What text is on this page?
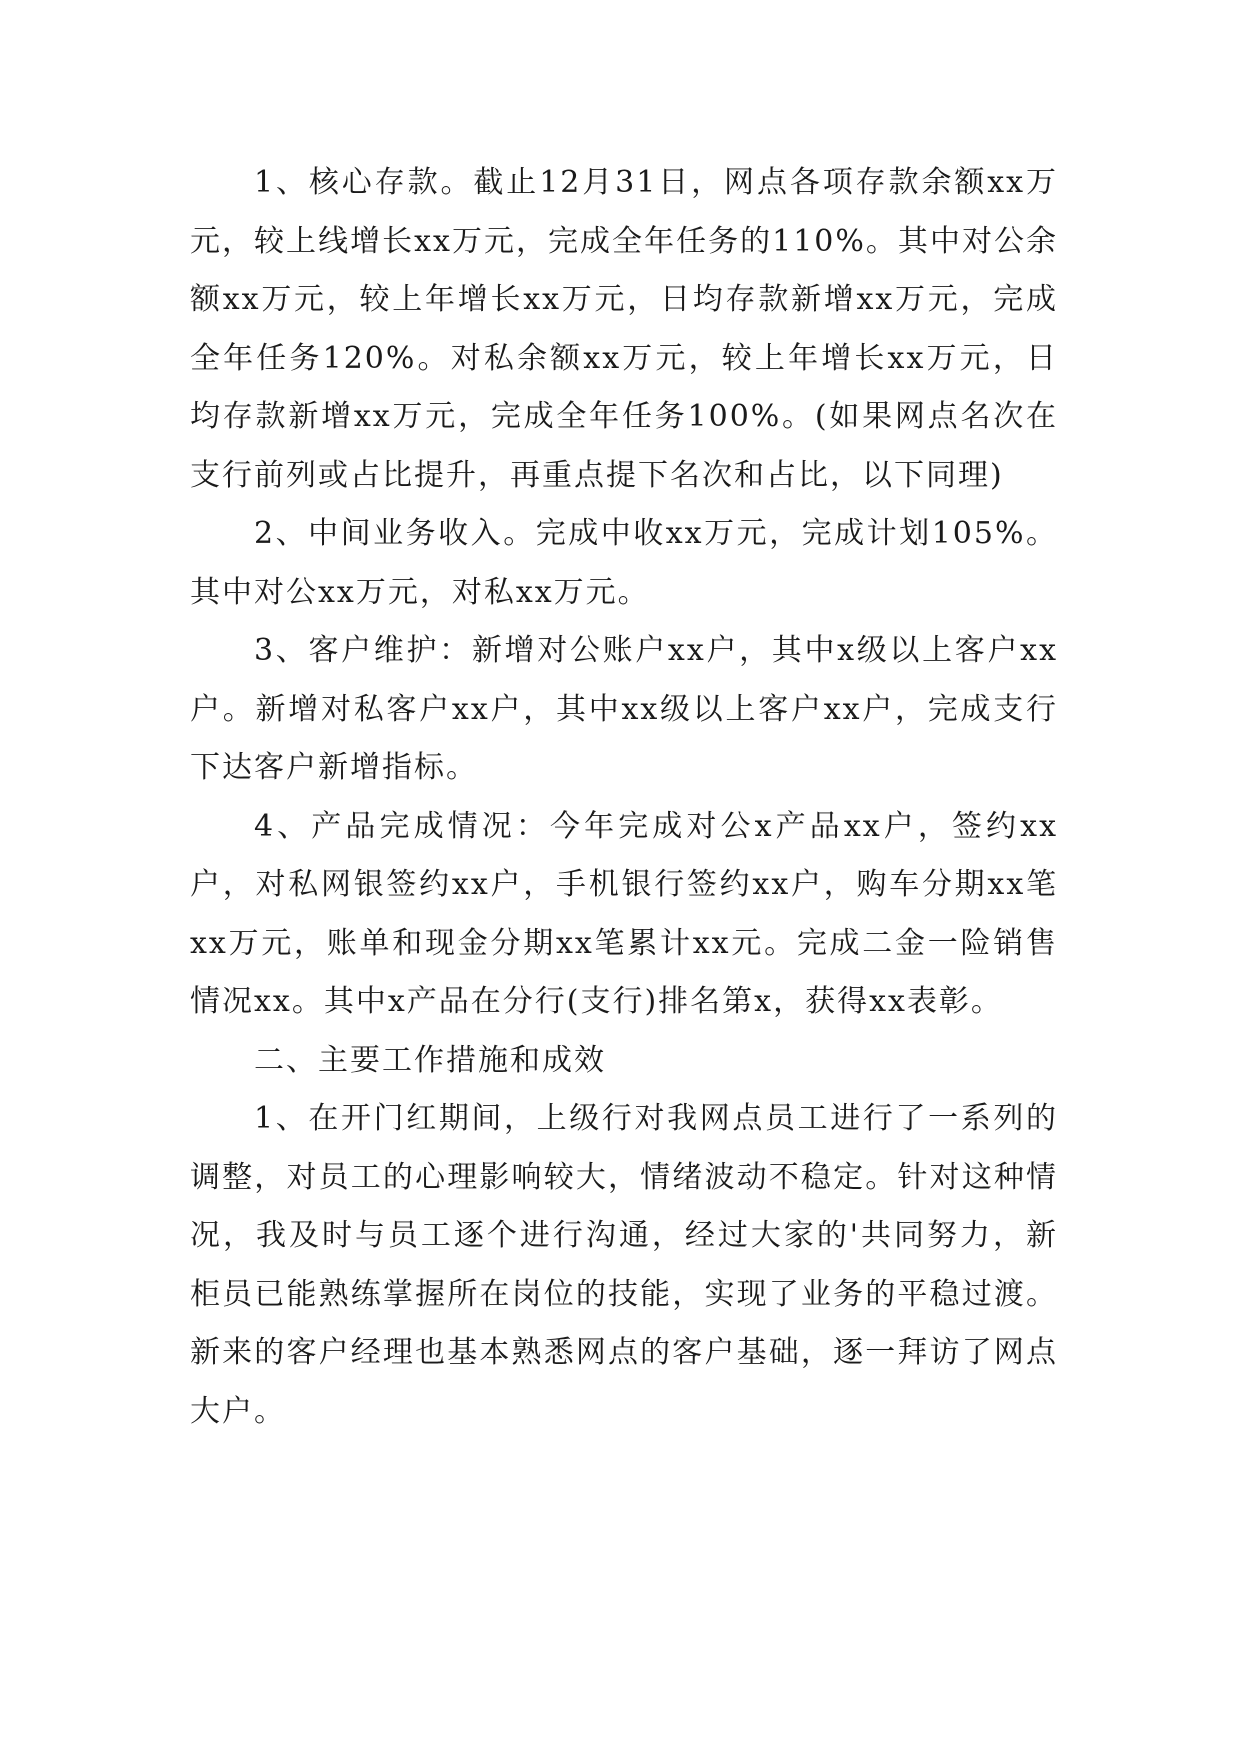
1、核心存款。截止12月31日，网点各项存款余额xx万元，较上线增长xx万元，完成全年任务的110%。其中对公余额xx万元，较上年增长xx万元，日均存款新增xx万元，完成全年任务120%。对私余额xx万元，较上年增长xx万元，日均存款新增xx万元，完成全年任务100%。(如果网点名次在支行前列或占比提升，再重点提下名次和占比，以下同理)

2、中间业务收入。完成中收xx万元，完成计划105%。其中对公xx万元，对私xx万元。

3、客户维护：新增对公账户xx户，其中x级以上客户xx户。新增对私客户xx户，其中xx级以上客户xx户，完成支行下达客户新增指标。

4、产品完成情况：今年完成对公x产品xx户，签约xx户，对私网银签约xx户，手机银行签约xx户，购车分期xx笔xx万元，账单和现金分期xx笔累计xx元。完成二金一险销售情况xx。其中x产品在分行(支行)排名第x，获得xx表彰。

二、主要工作措施和成效

1、在开门红期间，上级行对我网点员工进行了一系列的调整，对员工的心理影响较大，情绪波动不稳定。针对这种情况，我及时与员工逐个进行沟通，经过大家的'共同努力，新柜员已能熟练掌握所在岗位的技能，实现了业务的平稳过渡。新来的客户经理也基本熟悉网点的客户基础，逐一拜访了网点大户。
